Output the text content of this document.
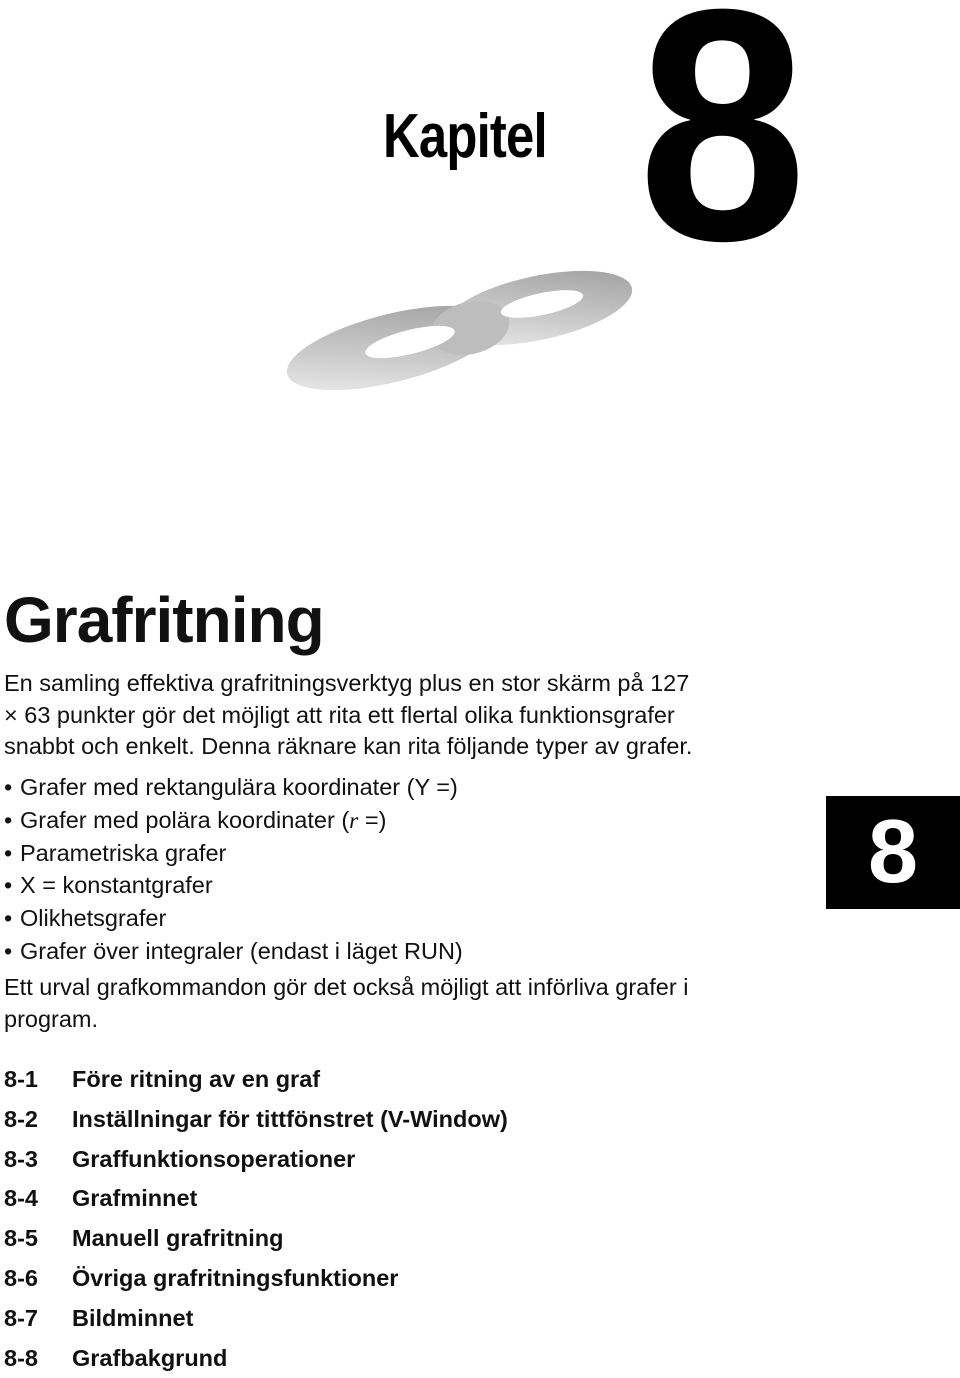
Kapitel 8
Grafritning

En samling effektiva grafritningsverktyg plus en stor skärm på 127
× 63 punkter gör det möjligt att rita ett flertal olika funktionsgrafer
snabbt och enkelt. Denna räknare kan rita följande typer av grafer.

• Grafer med rektangulära koordinater (Y =)
• Grafer med polära koordinater (r =)
• Parametriska grafer
• X = konstantgrafer
• Olikhetsgrafer
• Grafer över integraler (endast i läget RUN)

Ett urval grafkommandon gör det också möjligt att införliva grafer i
program.

8-1 Före ritning av en graf
8-2 Inställningar för tittfönstret (V-Window)
8-3 Graffunktionsoperationer
8-4 Grafminnet
8-5 Manuell grafritning
8-6 Övriga grafritningsfunktioner
8-7 Bildminnet
8-8 Grafbakgrund
8
